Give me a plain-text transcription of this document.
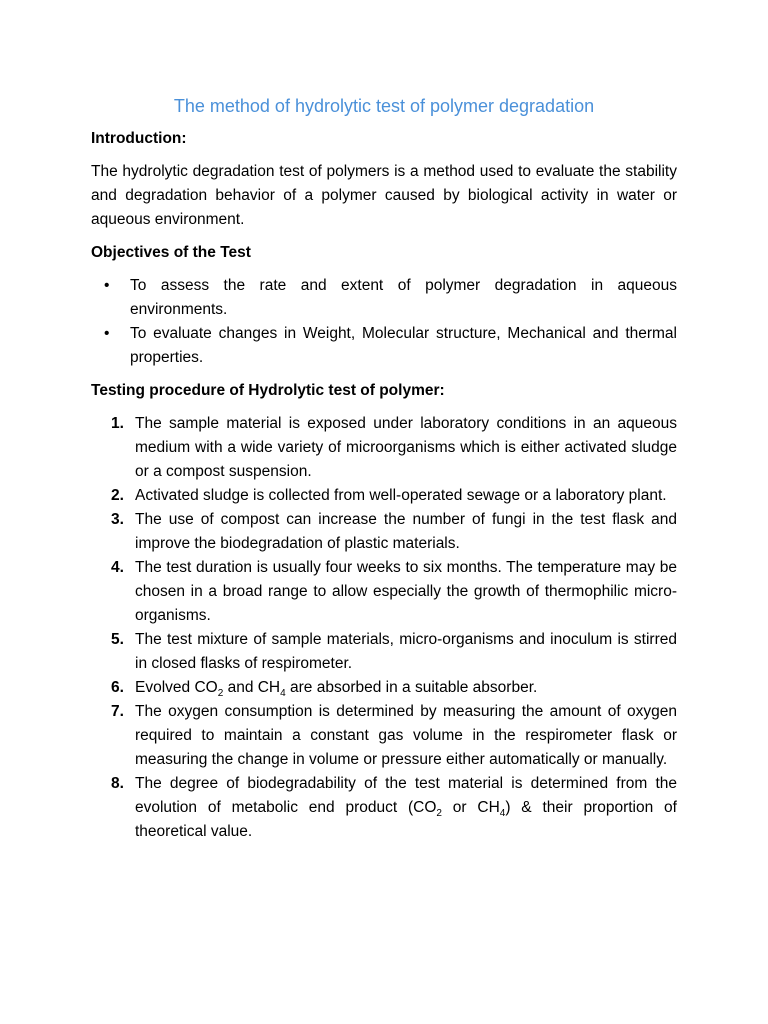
The method of hydrolytic test of polymer degradation
Introduction:

The hydrolytic degradation test of polymers is a method used to evaluate the stability and degradation behavior of a polymer caused by biological activity in water or aqueous environment.

Objectives of the Test
• To assess the rate and extent of polymer degradation in aqueous environments.
• To evaluate changes in Weight, Molecular structure, Mechanical and thermal properties.
Testing procedure of Hydrolytic test of polymer:
1. The sample material is exposed under laboratory conditions in an aqueous medium with a wide variety of microorganisms which is either activated sludge or a compost suspension.
2. Activated sludge is collected from well-operated sewage or a laboratory plant.
3. The use of compost can increase the number of fungi in the test flask and improve the biodegradation of plastic materials.
4. The test duration is usually four weeks to six months. The temperature may be chosen in a broad range to allow especially the growth of thermophilic micro-organisms.
5. The test mixture of sample materials, micro-organisms and inoculum is stirred in closed flasks of respirometer.
6. Evolved $CO_2$ and $CH_4$ are absorbed in a suitable absorber.
7. The oxygen consumption is determined by measuring the amount of oxygen required to maintain a constant gas volume in the respirometer flask or measuring the change in volume or pressure either automatically or manually.
8. The degree of biodegradability of the test material is determined from the evolution of metabolic end product ($CO_2$ or $CH_4$) & their proportion of theoretical value.
